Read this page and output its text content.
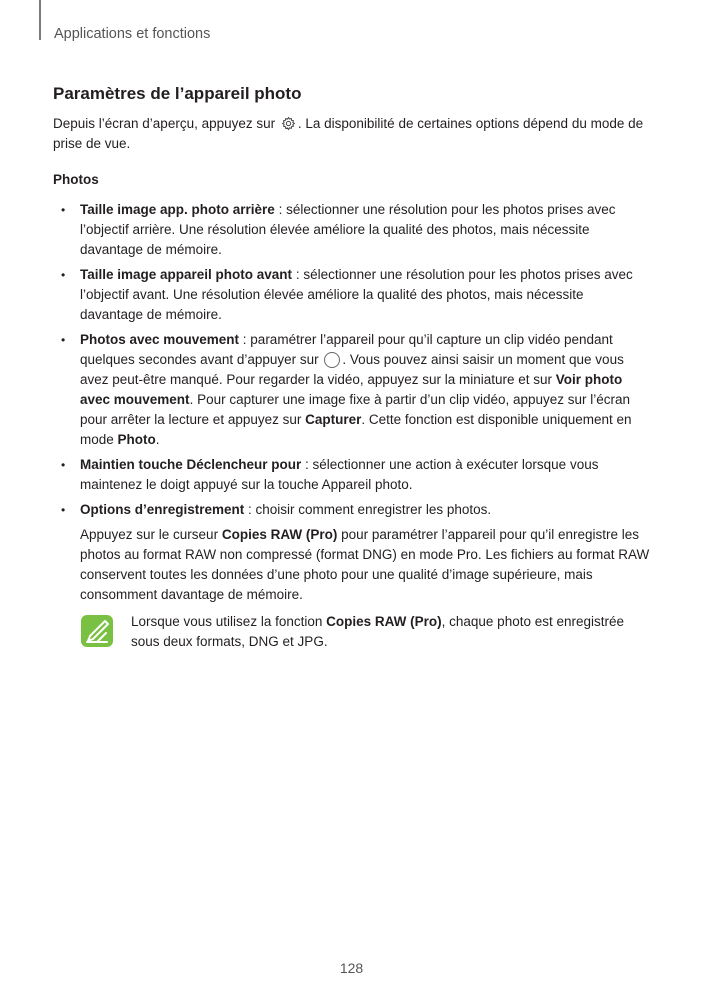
Applications et fonctions
Paramètres de l’appareil photo
Depuis l’écran d’aperçu, appuyez sur . La disponibilité de certaines options dépend du mode de prise de vue.
Photos
• Taille image app. photo arrière : sélectionner une résolution pour les photos prises avec l’objectif arrière. Une résolution élevée améliore la qualité des photos, mais nécessite davantage de mémoire.
• Taille image appareil photo avant : sélectionner une résolution pour les photos prises avec l’objectif avant. Une résolution élevée améliore la qualité des photos, mais nécessite davantage de mémoire.
• Photos avec mouvement : paramétrer l’appareil pour qu’il capture un clip vidéo pendant quelques secondes avant d’appuyer sur . Vous pouvez ainsi saisir un moment que vous avez peut-être manqué. Pour regarder la vidéo, appuyez sur la miniature et sur Voir photo avec mouvement. Pour capturer une image fixe à partir d’un clip vidéo, appuyez sur l’écran pour arrêter la lecture et appuyez sur Capturer. Cette fonction est disponible uniquement en mode Photo.
• Maintien touche Déclencheur pour : sélectionner une action à exécuter lorsque vous maintenez le doigt appuyé sur la touche Appareil photo.
• Options d’enregistrement : choisir comment enregistrer les photos.
Appuyez sur le curseur Copies RAW (Pro) pour paramétrer l’appareil pour qu’il enregistre les photos au format RAW non compressé (format DNG) en mode Pro. Les fichiers au format RAW conservent toutes les données d’une photo pour une qualité d’image supérieure, mais consomment davantage de mémoire.
Lorsque vous utilisez la fonction Copies RAW (Pro), chaque photo est enregistrée sous deux formats, DNG et JPG.
128
